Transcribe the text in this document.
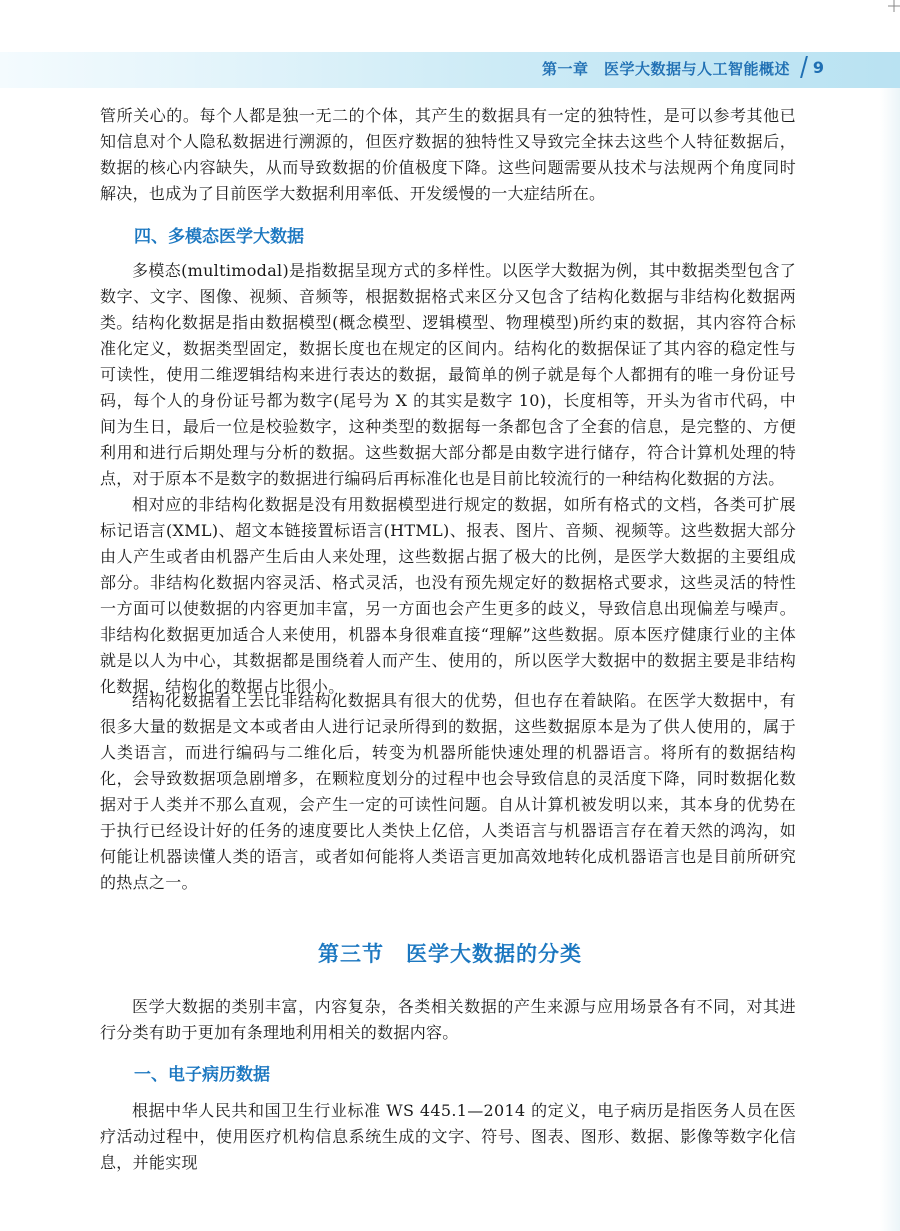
第一章　医学大数据与人工智能概述 9

管所关心的。每个人都是独一无二的个体，其产生的数据具有一定的独特性，是可以参考其他已知信息对个人隐私数据进行溯源的，但医疗数据的独特性又导致完全抹去这些个人特征数据后，数据的核心内容缺失，从而导致数据的价值极度下降。这些问题需要从技术与法规两个角度同时解决，也成为了目前医学大数据利用率低、开发缓慢的一大症结所在。

四、多模态医学大数据

多模态(multimodal)是指数据呈现方式的多样性。以医学大数据为例，其中数据类型包含了数字、文字、图像、视频、音频等，根据数据格式来区分又包含了结构化数据与非结构化数据两类。 结构化数据是指由数据模型(概念模型、逻辑模型、物理模型)所约束的数据，其内容符合标准化定义，数据类型固定，数据长度也在规定的区间内。结构化的数据保证了其内容的稳定性与可读性，使用二维逻辑结构来进行表达的数据，最简单的例子就是每个人都拥有的唯一身份证号码，每个人的身份证号都为数字(尾号为 X 的其实是数字 10)，长度相等，开头为省市代码，中间为生日，最后一位是校验数字，这种类型的数据每一条都包含了全套的信息，是完整的、方便利用和进行后期处理与分析的数据。这些数据大部分都是由数字进行储存，符合计算机处理的特点，对于原本不是数字的数据进行编码后再标准化也是目前比较流行的一种结构化数据的方法。

相对应的非结构化数据是没有用数据模型进行规定的数据，如所有格式的文档，各类可扩展标记语言(XML)、超文本链接置标语言(HTML)、报表、图片、音频、视频等。这些数据大部分由人产生或者由机器产生后由人来处理，这些数据占据了极大的比例，是医学大数据的主要组成部分。非结构化数据内容灵活、格式灵活，也没有预先规定好的数据格式要求，这些灵活的特性一方面可以使数据的内容更加丰富，另一方面也会产生更多的歧义，导致信息出现偏差与噪声。非结构化数据更加适合人来使用，机器本身很难直接“理解”这些数据。原本医疗健康行业的主体就是以人为中心，其数据都是围绕着人而产生、使用的，所以医学大数据中的数据主要是非结构化数据，结构化的数据占比很小。

结构化数据看上去比非结构化数据具有很大的优势，但也存在着缺陷。在医学大数据中，有很多大量的数据是文本或者由人进行记录所得到的数据，这些数据原本是为了供人使用的，属于人类语言，而进行编码与二维化后，转变为机器所能快速处理的机器语言。将所有的数据结构化，会导致数据项急剧增多，在颗粒度划分的过程中也会导致信息的灵活度下降，同时数据化数据对于人类并不那么直观，会产生一定的可读性问题。自从计算机被发明以来，其本身的优势在于执行已经设计好的任务的速度要比人类快上亿倍，人类语言与机器语言存在着天然的鸿沟，如何能让机器读懂人类的语言，或者如何能将人类语言更加高效地转化成机器语言也是目前所研究的热点之一。

第三节 医学大数据的分类

医学大数据的类别丰富，内容复杂，各类相关数据的产生来源与应用场景各有不同，对其进行分类有助于更加有条理地利用相关的数据内容。

一、电子病历数据

根据中华人民共和国卫生行业标准 WS 445.1—2014 的定义，电子病历是指医务人员在医疗活动过程中，使用医疗机构信息系统生成的文字、符号、图表、图形、数据、影像等数字化信息，并能实现
